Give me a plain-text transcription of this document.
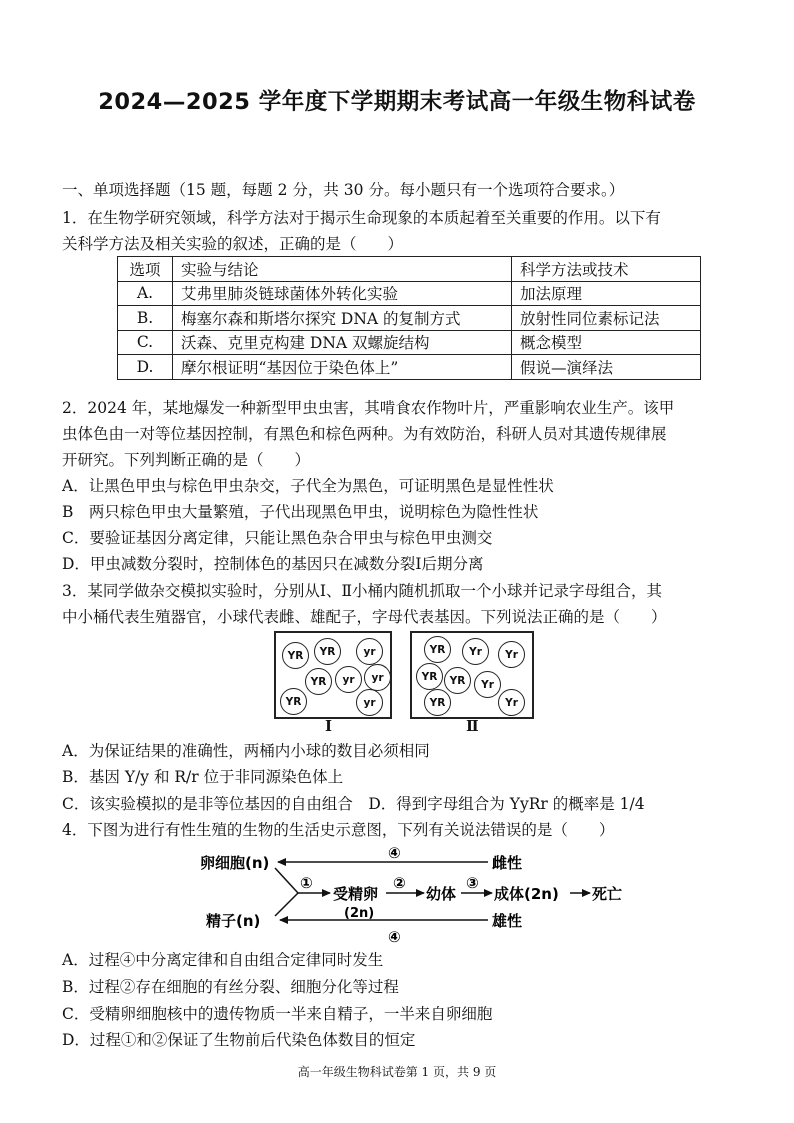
2024—2025 学年度下学期期末考试高一年级生物科试卷
一、单项选择题（15 题，每题 2 分，共 30 分。每小题只有一个选项符合要求。）
1．在生物学研究领域，科学方法对于揭示生命现象的本质起着至关重要的作用。以下有
关科学方法及相关实验的叙述，正确的是（　　）
选项	实验与结论	科学方法或技术
A.	艾弗里肺炎链球菌体外转化实验	加法原理
B.	梅塞尔森和斯塔尔探究 DNA 的复制方式	放射性同位素标记法
C.	沃森、克里克构建 DNA 双螺旋结构	概念模型
D.	摩尔根证明“基因位于染色体上”	假说—演绎法
2．2024 年，某地爆发一种新型甲虫虫害，其啃食农作物叶片，严重影响农业生产。该甲
虫体色由一对等位基因控制，有黑色和棕色两种。为有效防治，科研人员对其遗传规律展
开研究。下列判断正确的是（　　）
A．让黑色甲虫与棕色甲虫杂交，子代全为黑色，可证明黑色是显性性状
B　两只棕色甲虫大量繁殖，子代出现黑色甲虫，说明棕色为隐性性状
C．要验证基因分离定律，只能让黑色杂合甲虫与棕色甲虫测交
D．甲虫减数分裂时，控制体色的基因只在减数分裂Ⅰ后期分离
3．某同学做杂交模拟实验时，分别从Ⅰ、Ⅱ小桶内随机抓取一个小球并记录字母组合，其
中小桶代表生殖器官，小球代表雌、雄配子，字母代表基因。下列说法正确的是（　　）
YR	YR	yr
YR	yr	yr
YR	yr
Ⅰ
YR	Yr	Yr
YR	YR	Yr
YR	Yr
Ⅱ
A．为保证结果的准确性，两桶内小球的数目必须相同
B．基因 Y/y 和 R/r 位于非同源染色体上
C．该实验模拟的是非等位基因的自由组合　D．得到字母组合为 YyRr 的概率是 1/4
4．下图为进行有性生殖的生物的生活史示意图，下列有关说法错误的是（　　）
卵细胞(n)
精子(n)
雌性
雄性
④
④
①
受精卵
(2n)
②
幼体
③
成体(2n) 死亡
A．过程④中分离定律和自由组合定律同时发生
B．过程②存在细胞的有丝分裂、细胞分化等过程
C．受精卵细胞核中的遗传物质一半来自精子，一半来自卵细胞
D．过程①和②保证了生物前后代染色体数目的恒定
高一年级生物科试卷第 1 页，共 9 页
